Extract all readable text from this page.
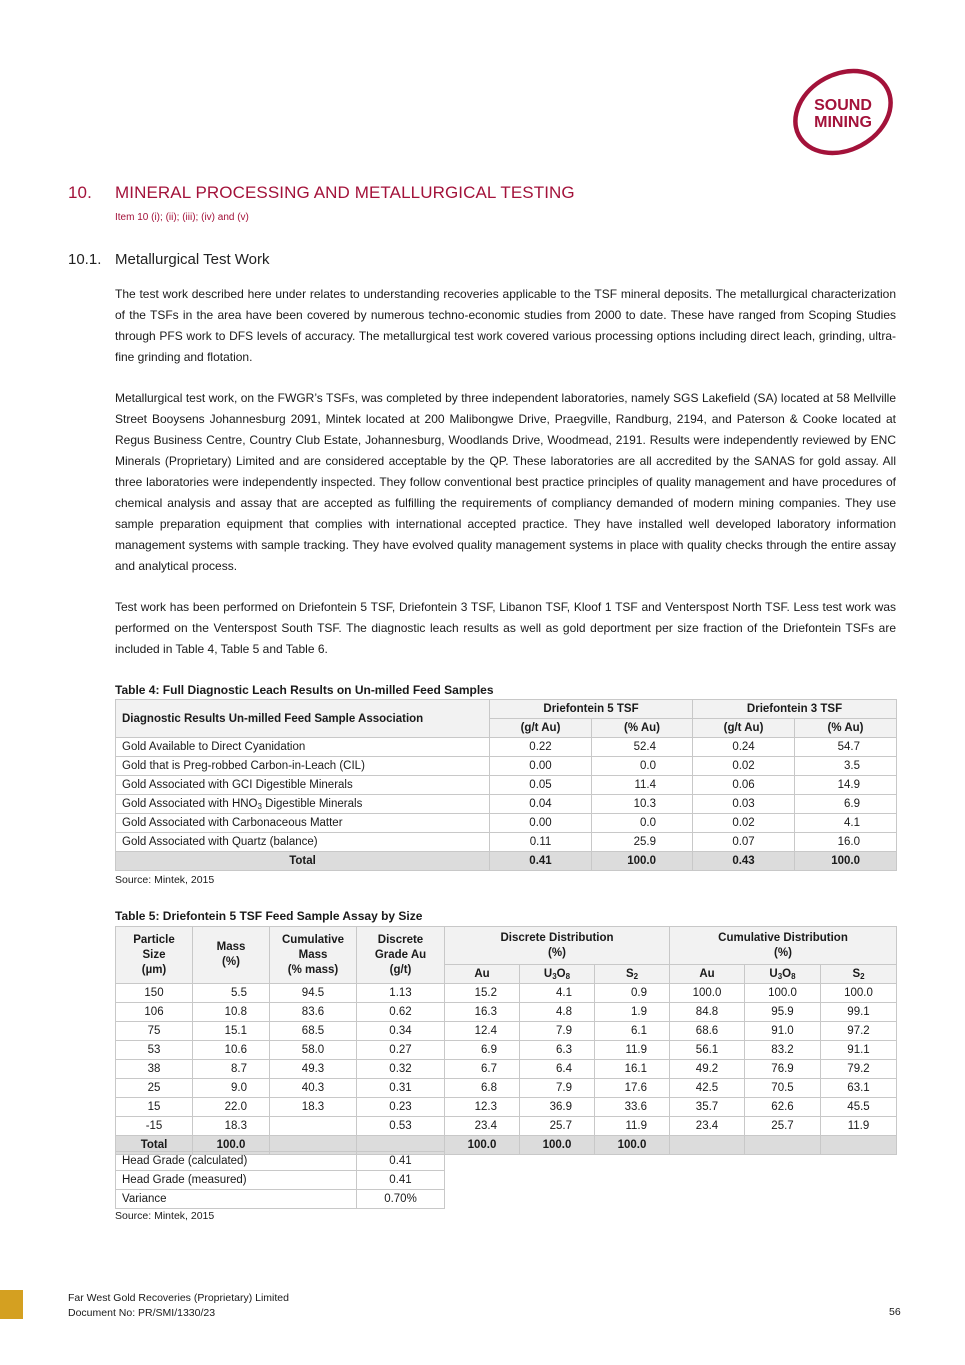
SOUND
MINING
10. MINERAL PROCESSING AND METALLURGICAL TESTING
Item 10 (i); (ii); (iii); (iv) and (v)
10.1. Metallurgical Test Work

The test work described here under relates to understanding recoveries applicable to the TSF mineral deposits. The metallurgical characterization of the TSFs in the area have been covered by numerous techno-economic studies from 2000 to date. These have ranged from Scoping Studies through PFS work to DFS levels of accuracy. The metallurgical test work covered various processing options including direct leach, grinding, ultra-fine grinding and flotation.

Metallurgical test work, on the FWGR’s TSFs, was completed by three independent laboratories, namely SGS Lakefield (SA) located at 58 Mellville Street Booysens Johannesburg 2091, Mintek located at 200 Malibongwe Drive, Praegville, Randburg, 2194, and Paterson & Cooke located at Regus Business Centre, Country Club Estate, Johannesburg, Woodlands Drive, Woodmead, 2191. Results were independently reviewed by ENC Minerals (Proprietary) Limited and are considered acceptable by the QP. These laboratories are all accredited by the SANAS for gold assay. All three laboratories were independently inspected. They follow conventional best practice principles of quality management and have procedures of chemical analysis and assay that are accepted as fulfilling the requirements of compliancy demanded of modern mining companies. They use sample preparation equipment that complies with international accepted practice. They have installed well developed laboratory information management systems with sample tracking. They have evolved quality management systems in place with quality checks through the entire assay and analytical process.

Test work has been performed on Driefontein 5 TSF, Driefontein 3 TSF, Libanon TSF, Kloof 1 TSF and Venterspost North TSF. Less test work was performed on the Venterspost South TSF. The diagnostic leach results as well as gold deportment per size fraction of the Driefontein TSFs are included in Table 4, Table 5 and Table 6.

Table 4: Full Diagnostic Leach Results on Un-milled Feed Samples
Diagnostic Results Un-milled Feed Sample Association	Driefontein 5 TSF		Driefontein 3 TSF	
	(g/t Au)	(% Au)	(g/t Au)	(% Au)
Gold Available to Direct Cyanidation	0.22	52.4	0.24	54.7
Gold that is Preg-robbed Carbon-in-Leach (CIL)	0.00	0.0	0.02	3.5
Gold Associated with GCI Digestible Minerals	0.05	11.4	0.06	14.9
Gold Associated with $HNO_3$ Digestible Minerals	0.04	10.3	0.03	6.9
Gold Associated with Carbonaceous Matter	0.00	0.0	0.02	4.1
Gold Associated with Quartz (balance)	0.11	25.9	0.07	16.0
Total	0.41	100.0	0.43	100.0
Source: Mintek, 2015
Table 5: Driefontein 5 TSF Feed Sample Assay by Size
Particle
Size
(µm)	Mass
(%)	Cumulative
Mass
(% mass)	Discrete
Grade Au
(g/t)	Discrete Distribution
(%)			Cumulative Distribution
(%)		

				Au	$U_3O_8$	$S_2$	Au	$U_3O_8$	$S_2$
150	5.5	94.5	1.13	15.2	4.1	0.9	100.0	100.0	100.0
106	10.8	83.6	0.62	16.3	4.8	1.9	84.8	95.9	99.1
75	15.1	68.5	0.34	12.4	7.9	6.1	68.6	91.0	97.2
53	10.6	58.0	0.27	6.9	6.3	11.9	56.1	83.2	91.1
38	8.7	49.3	0.32	6.7	6.4	16.1	49.2	76.9	79.2
25	9.0	40.3	0.31	6.8	7.9	17.6	42.5	70.5	63.1
15	22.0	18.3	0.23	12.3	36.9	33.6	35.7	62.6	45.5
-15	18.3		0.53	23.4	25.7	11.9	23.4	25.7	11.9
Total	100.0			100.0	100.0	100.0			
Head Grade (calculated)	0.41
Head Grade (measured)	0.41
Variance	0.70%
Source: Mintek, 2015
Far West Gold Recoveries (Proprietary) Limited
Document No: PR/SMI/1330/23	56
